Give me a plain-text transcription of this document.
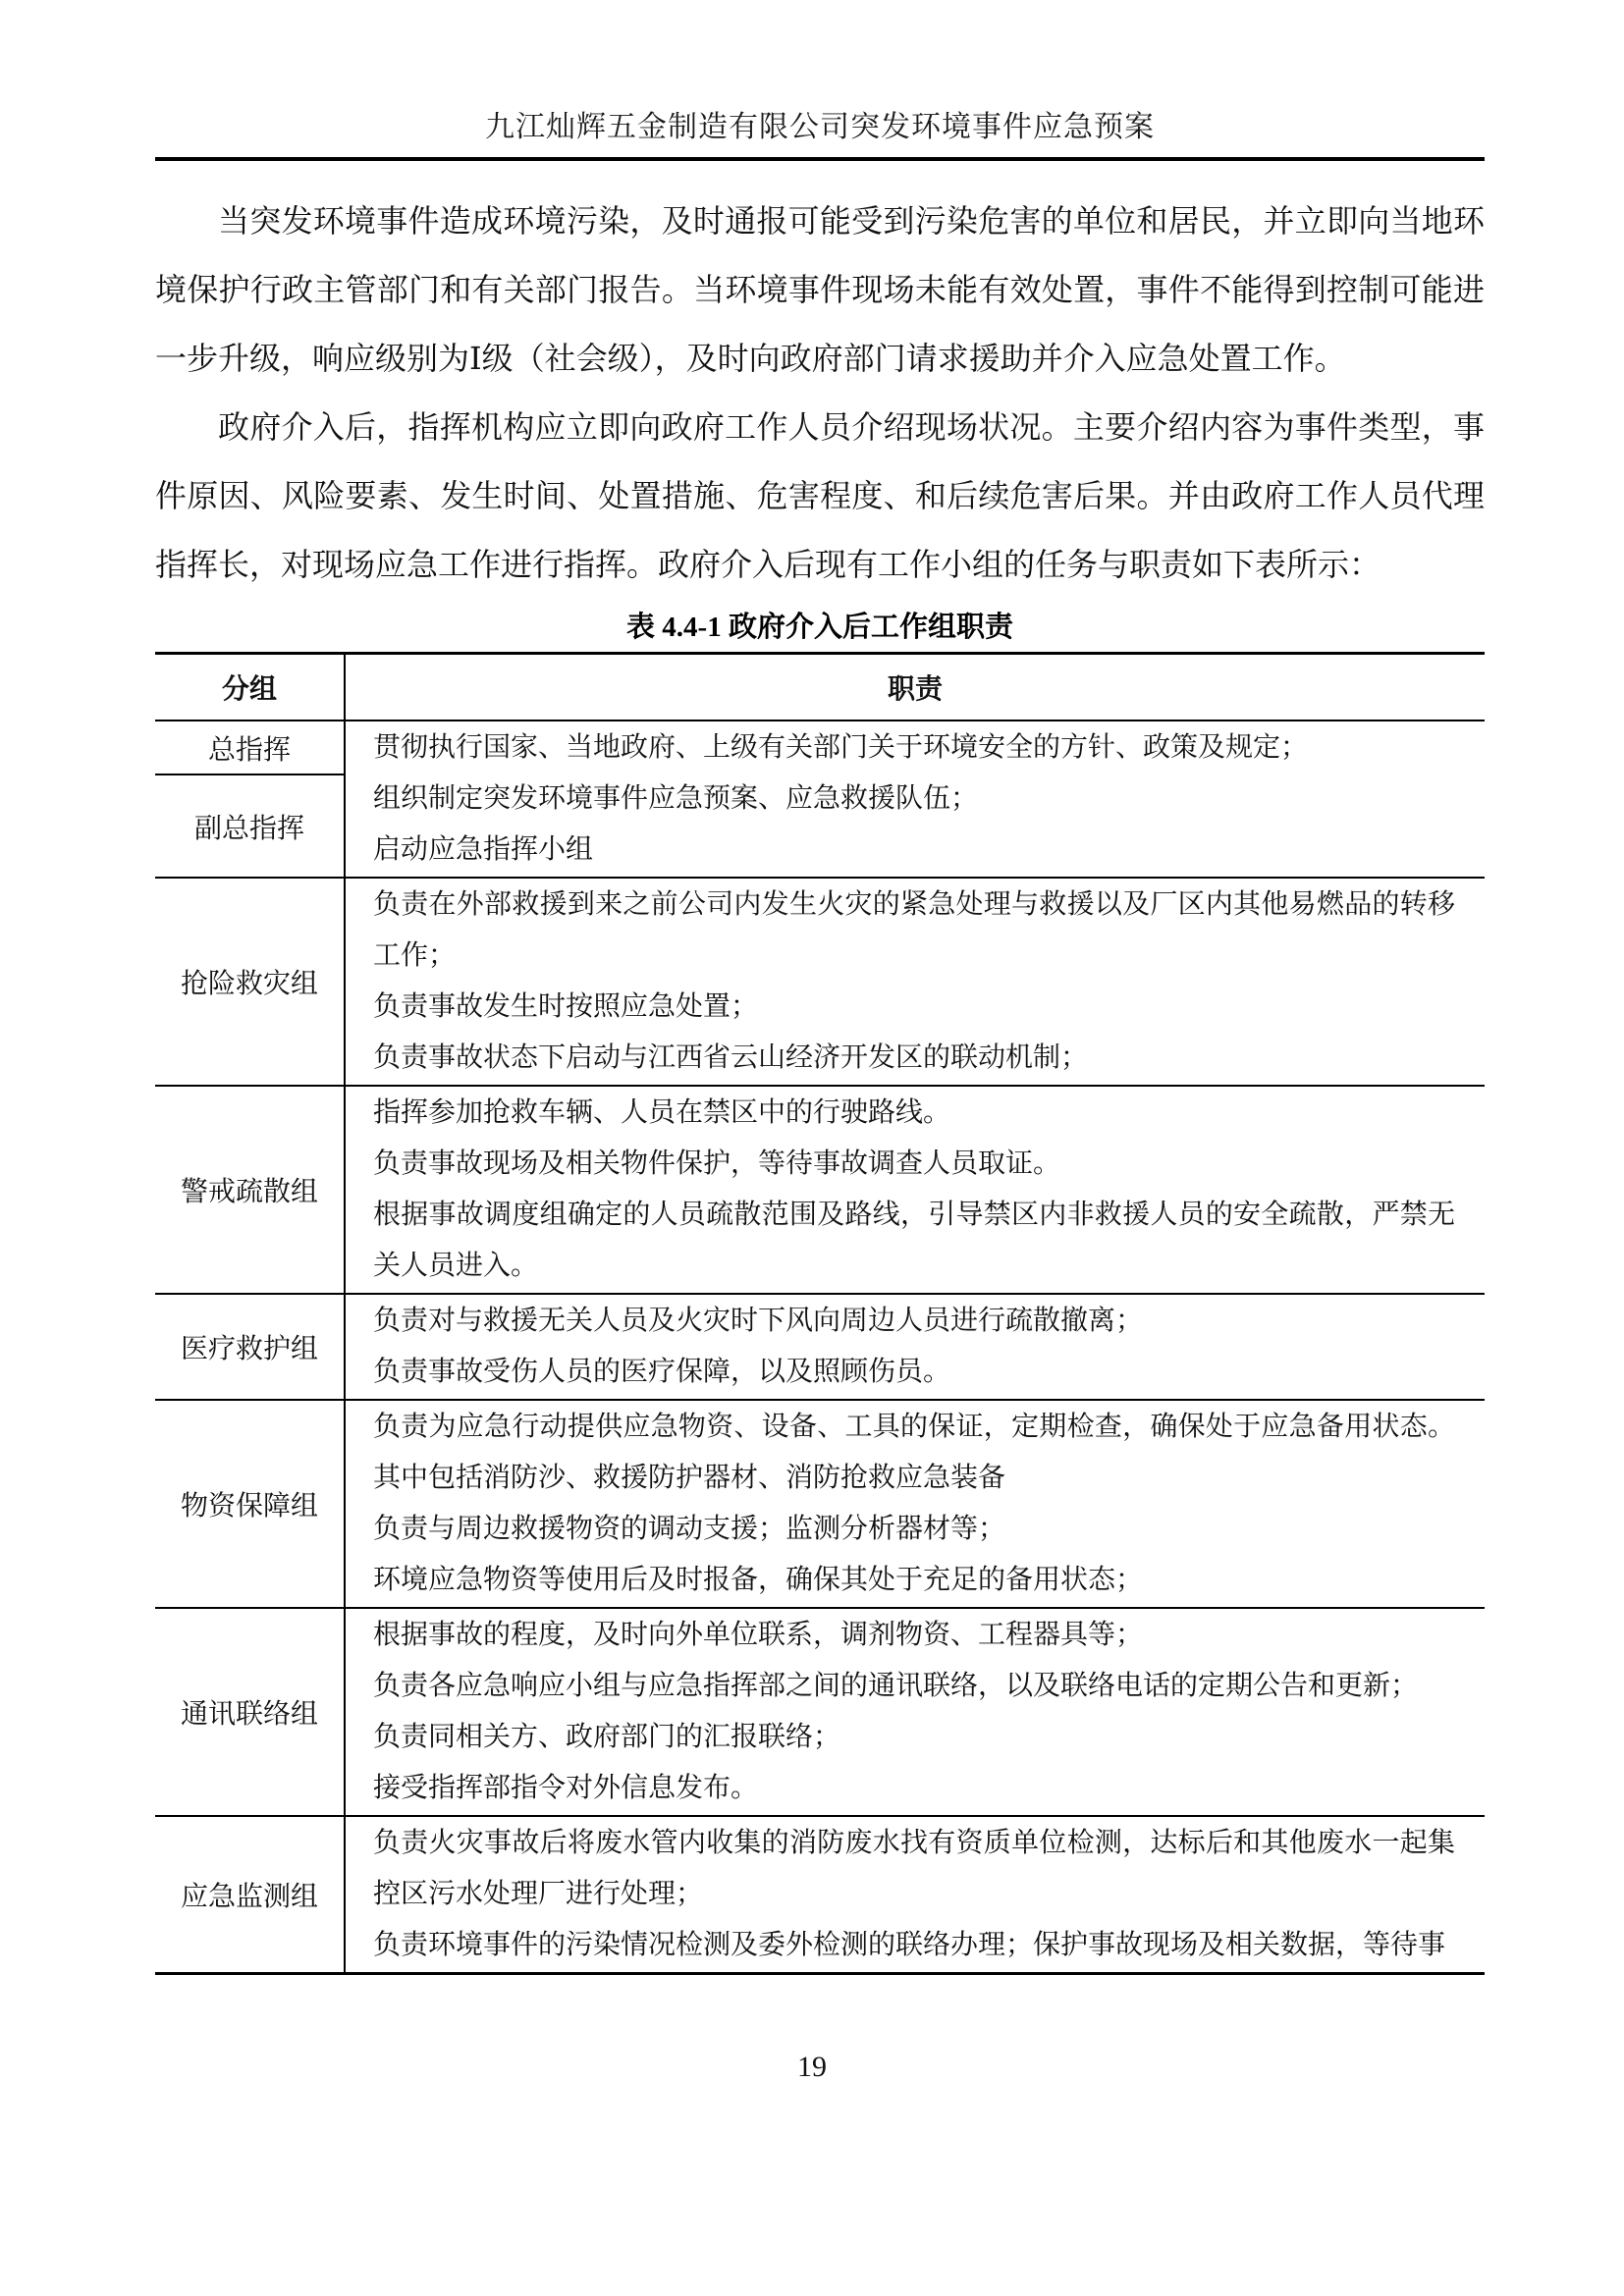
九江灿辉五金制造有限公司突发环境事件应急预案

当突发环境事件造成环境污染，及时通报可能受到污染危害的单位和居民，并立即向当地环境保护行政主管部门和有关部门报告。当环境事件现场未能有效处置，事件不能得到控制可能进一步升级，响应级别为Ⅰ级（社会级），及时向政府部门请求援助并介入应急处置工作。

政府介入后，指挥机构应立即向政府工作人员介绍现场状况。主要介绍内容为事件类型，事件原因、风险要素、发生时间、处置措施、危害程度、和后续危害后果。并由政府工作人员代理指挥长，对现场应急工作进行指挥。政府介入后现有工作小组的任务与职责如下表所示：

表 4.4-1 政府介入后工作组职责
分组	职责
总指挥
副总指挥
贯彻执行国家、当地政府、上级有关部门关于环境安全的方针、政策及规定；
组织制定突发环境事件应急预案、应急救援队伍；
启动应急指挥小组
抢险救灾组
负责在外部救援到来之前公司内发生火灾的紧急处理与救援以及厂区内其他易燃品的转移工作；
负责事故发生时按照应急处置；
负责事故状态下启动与江西省云山经济开发区的联动机制；
警戒疏散组
指挥参加抢救车辆、人员在禁区中的行驶路线。
负责事故现场及相关物件保护，等待事故调查人员取证。
根据事故调度组确定的人员疏散范围及路线，引导禁区内非救援人员的安全疏散，严禁无关人员进入。
医疗救护组
负责对与救援无关人员及火灾时下风向周边人员进行疏散撤离；
负责事故受伤人员的医疗保障，以及照顾伤员。
物资保障组
负责为应急行动提供应急物资、设备、工具的保证，定期检查，确保处于应急备用状态。其中包括消防沙、救援防护器材、消防抢救应急装备
负责与周边救援物资的调动支援；监测分析器材等；
环境应急物资等使用后及时报备，确保其处于充足的备用状态；
通讯联络组
根据事故的程度，及时向外单位联系，调剂物资、工程器具等；
负责各应急响应小组与应急指挥部之间的通讯联络，以及联络电话的定期公告和更新；
负责同相关方、政府部门的汇报联络；
接受指挥部指令对外信息发布。
应急监测组
负责火灾事故后将废水管内收集的消防废水找有资质单位检测，达标后和其他废水一起集控区污水处理厂进行处理；
负责环境事件的污染情况检测及委外检测的联络办理；保护事故现场及相关数据，等待事
19
